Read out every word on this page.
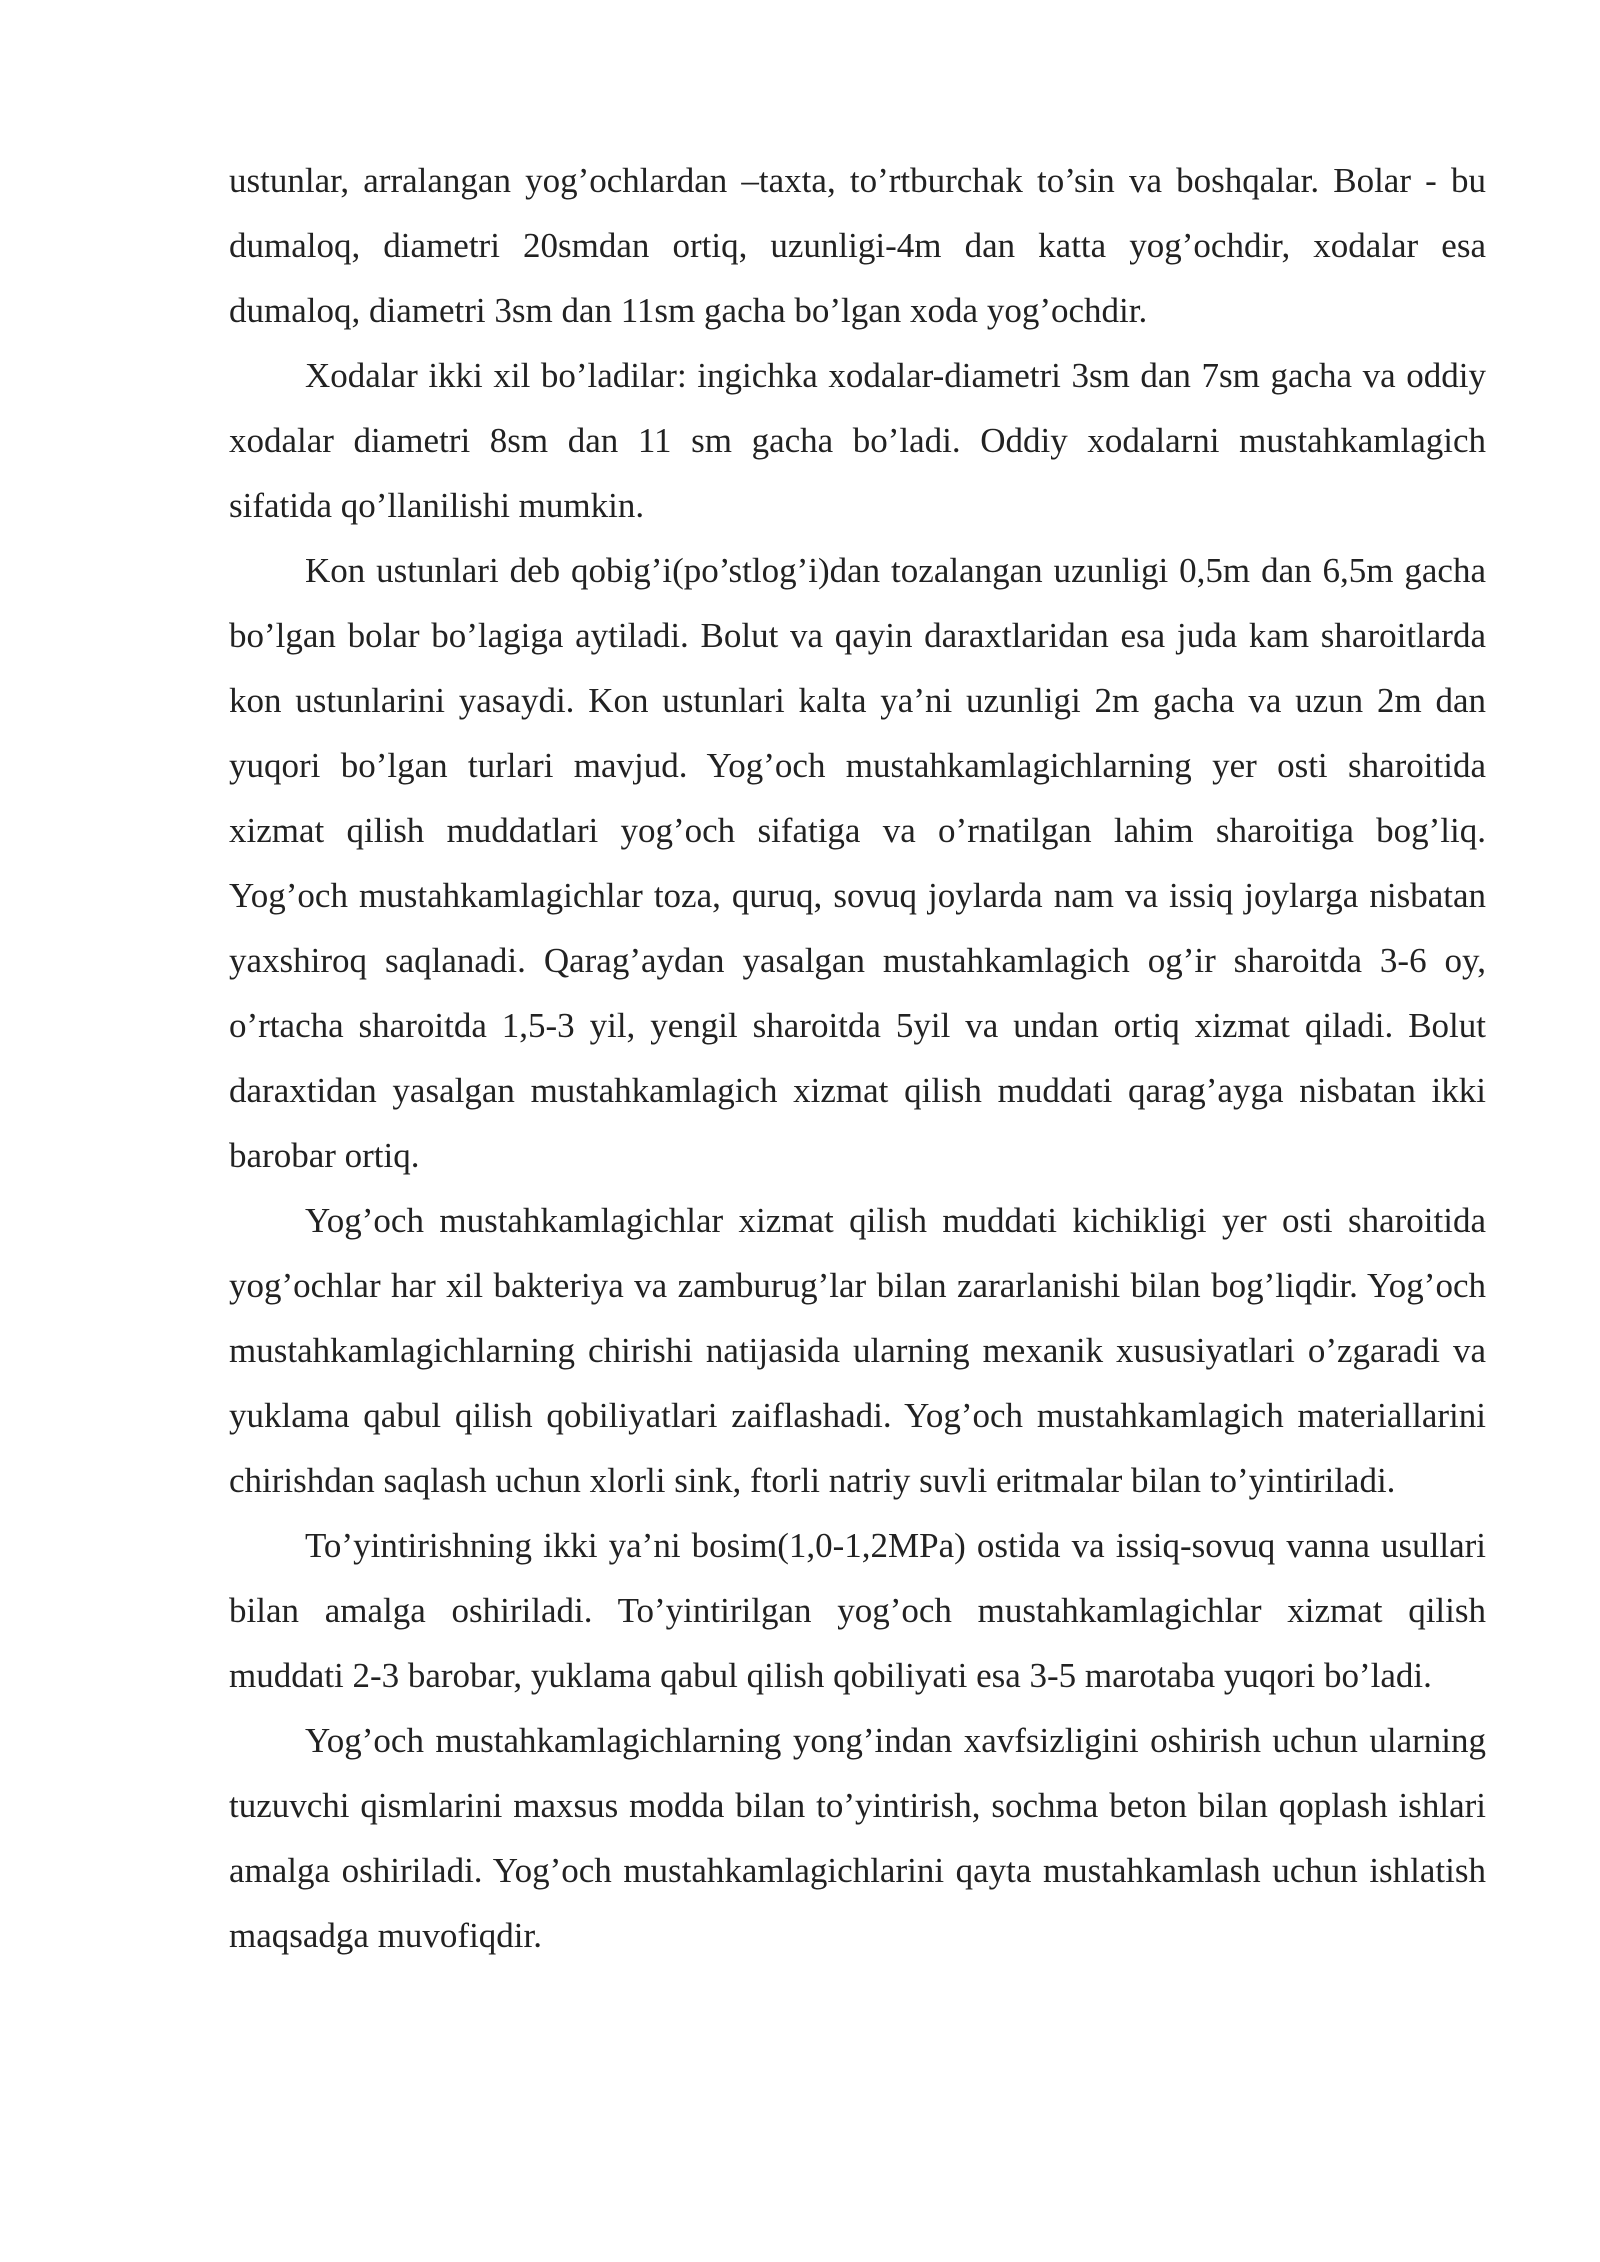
ustunlar, arralangan yog’ochlardan –taxta, to’rtburchak to’sin va boshqalar. Bolar - bu dumaloq, diametri 20smdan ortiq, uzunligi-4m dan katta yog’ochdir, xodalar esa dumaloq, diametri 3sm dan 11sm gacha bo’lgan xoda yog’ochdir.

Xodalar ikki xil bo’ladilar: ingichka xodalar-diametri 3sm dan 7sm gacha va oddiy xodalar diametri 8sm dan 11 sm gacha bo’ladi. Oddiy xodalarni mustahkamlagich sifatida qo’llanilishi mumkin.

Kon ustunlari deb qobig’i(po’stlog’i)dan tozalangan uzunligi 0,5m dan 6,5m gacha bo’lgan bolar bo’lagiga aytiladi. Bolut va qayin daraxtlaridan esa juda kam sharoitlarda kon ustunlarini yasaydi. Kon ustunlari kalta ya’ni uzunligi 2m gacha va uzun 2m dan yuqori bo’lgan turlari mavjud. Yog’och mustahkamlagichlarning yer osti sharoitida xizmat qilish muddatlari yog’och sifatiga va o’rnatilgan lahim sharoitiga bog’liq. Yog’och mustahkamlagichlar toza, quruq, sovuq joylarda nam va issiq joylarga nisbatan yaxshiroq saqlanadi. Qarag’aydan yasalgan mustahkamlagich og’ir sharoitda 3-6 oy, o’rtacha sharoitda 1,5-3 yil, yengil sharoitda 5yil va undan ortiq xizmat qiladi. Bolut daraxtidan yasalgan mustahkamlagich xizmat qilish muddati qarag’ayga nisbatan ikki barobar ortiq.

Yog’och mustahkamlagichlar xizmat qilish muddati kichikligi yer osti sharoitida yog’ochlar har xil bakteriya va zamburug’lar bilan zararlanishi bilan bog’liqdir. Yog’och mustahkamlagichlarning chirishi natijasida ularning mexanik xususiyatlari o’zgaradi va yuklama qabul qilish qobiliyatlari zaiflashadi. Yog’och mustahkamlagich materiallarini chirishdan saqlash uchun xlorli sink, ftorli natriy suvli eritmalar bilan to’yintiriladi.

To’yintirishning ikki ya’ni bosim(1,0-1,2MPa) ostida va issiq-sovuq vanna usullari bilan amalga oshiriladi. To’yintirilgan yog’och mustahkamlagichlar xizmat qilish muddati 2-3 barobar, yuklama qabul qilish qobiliyati esa 3-5 marotaba yuqori bo’ladi.

Yog’och mustahkamlagichlarning yong’indan xavfsizligini oshirish uchun ularning tuzuvchi qismlarini maxsus modda bilan to’yintirish, sochma beton bilan qoplash ishlari amalga oshiriladi. Yog’och mustahkamlagichlarini qayta mustahkamlash uchun ishlatish maqsadga muvofiqdir.
